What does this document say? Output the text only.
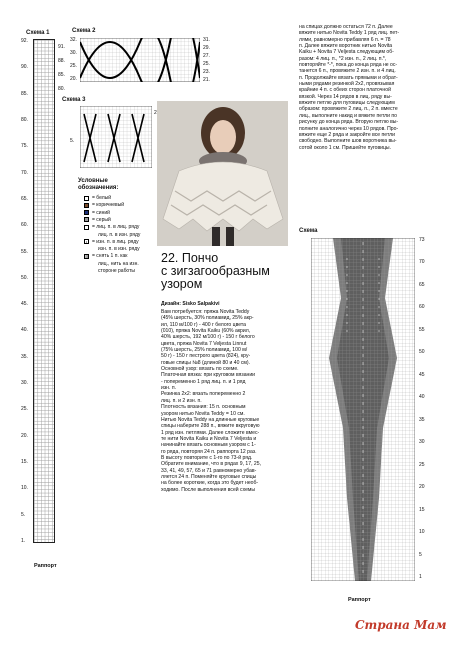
Схема 1
92.
90.
85.
80.
75.
70.
65.
60.
55.
50.
45.
40.
35.
30.
25.
20.
15.
10.
5.
1.
Раппорт
91.
88.
85.
80.
Схема 2
32.
30.
25.
20.
31.
29.
27.
25.
23.
21.
Схема 3
5.
2
Условные обозначения:
= белый
= коричневый
= синий
= серый
= лиц. п. в лиц. ряду
лиц. п. в изн. ряду
• = изн. п. в лиц. ряду
изн. п. в изн. ряду
▥ = снять 1 п. как
лиц., нить на изн.
стороне работы
22. Пончо
с зигзагообразным
узором
Дизайн: Sisko Salpakivi
Вам потребуется: пряжа Novita Teddy
(45% шерсть, 30% полиамид, 25% акр-
ил, 110 м/100 г) - 400 г белого цвета
(010), пряжа Novita Kaiku (60% акрил,
40% шерсть, 192 м/100 г) - 150 г белого
цвета, пряжа Novita 7 Veljesta Linnut
(75% шерсть, 25% полиамид, 100 м/
50 г) - 150 г пестрого цвета (824), кру-
говые спицы №8 (длиной 80 и 40 см).
Основной узор: вязать по схеме.
Платочная вязка: при круговом вязании
- попеременно 1 ряд лиц. п. и 1 ряд
изн. п.
Резинка 2х2: вязать попеременно 2
лиц. п. и 2 изн. п.
Плотность вязания: 15 п. основным
узором нитью Novita Teddy = 10 см.
Нитью Novita Teddy на длинные круговые
спицы наберите 288 п., вяжите вкруговую
1 ряд изн. петлями. Далее сложите вмес-
те нити Novita Kaiku и Novita 7 Veljesta и
начинайте вязать основным узором с 1-
го ряда, повторяя 24 п. раппорта 12 раз.
В высоту повторите с 1-го по 73-й ряд.
Обратите внимание, что в рядах 9, 17, 25,
33, 41, 49, 57, 65 и 71 равномерно убав-
ляется 24 п. Поменяйте круговые спицы
на более короткие, когда это будет необ-
ходимо. После выполнения всей схемы
на спицах должно остаться 72 п. Далее
вяжите нитью Novita Teddy 1 ряд лиц. пет-
лями, равномерно прибавляя 6 п. = 78
п. Далее вяжите воротник нитью Novita
Kaiku + Novita 7 Veljesta следующим об-
разом: 4 лиц. п., *2 изн. п., 2 лиц. п.*,
повторяйте *-*, пока до конца ряда не ос-
танется 6 п., провяжите 2 изн. п. и 4 лиц.
п. Продолжайте вязать прямыми и обрат-
ными рядами резинкой 2х2, провязывая
крайние 4 п. с обеих сторон платочной
вязкой. Через 14 рядов в лиц. ряду вы-
вяжите петлю для пуговицы следующим
образом: провяжите 2 лиц. п., 2 п. вместе
лиц., выполните накид и вяжите петли по
рисунку до конца ряда. Вторую петлю вы-
полните аналогично через 10 рядов. Про-
вяжите еще 2 ряда и закройте все петли
свободно. Выполните шов воротника вы-
сотой около 1 см. Пришейте пуговицы.
Схема
73
70
65
60
55
50
45
40
35
30
25
20
15
10
5
1
Раппорт
Страна Мам
